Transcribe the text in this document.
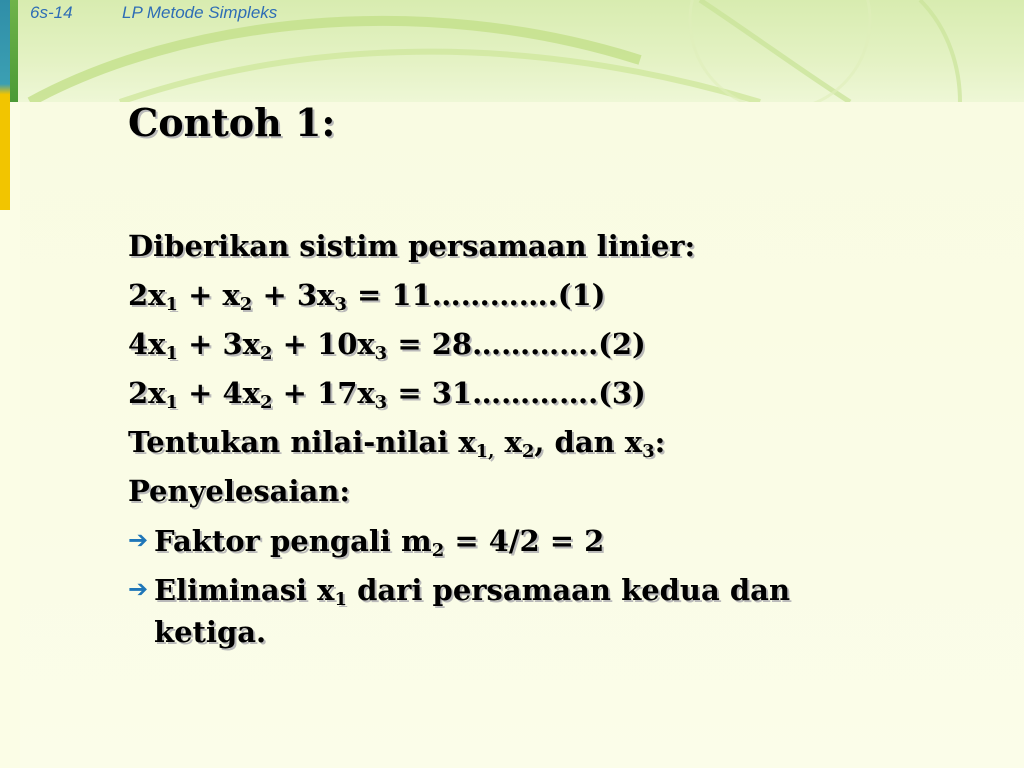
6s-14	LP Metode Simpleks
Contoh 1:
Diberikan sistim persamaan linier:
$2x_1 + x_2 + 3x_3$ = 11………….(1)
$4x_1 + 3x_2 + 10x_3$ = 28………….(2)
$2x_1 + 4x_2 + 17x_3$ = 31………….(3)
Tentukan nilai-nilai $x_{1,}$ $x_2$, dan $x_3$:
Penyelesaian:
➔ Faktor pengali $m_2 = 4/2 = 2$
➔ Eliminasi $x_1$ dari persamaan kedua dan ketiga.
